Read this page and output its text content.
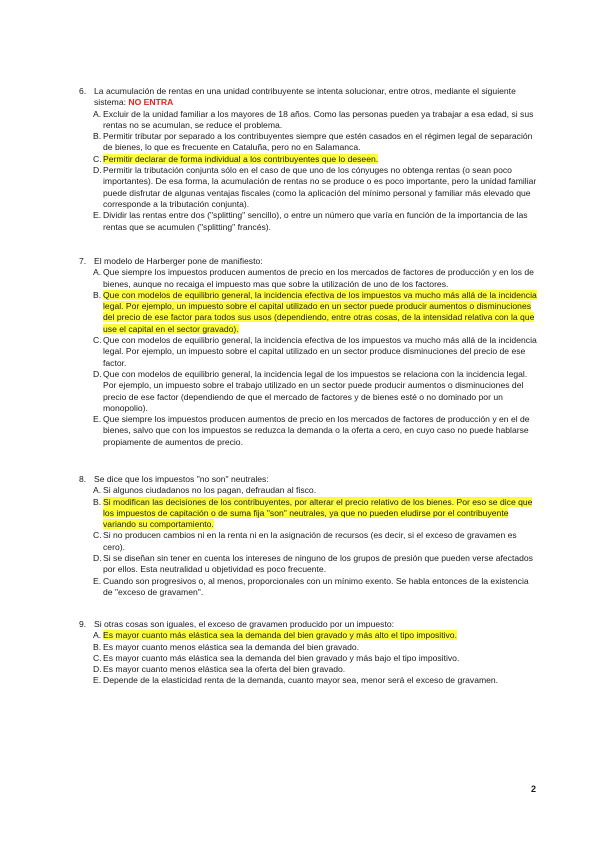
6. La acumulación de rentas en una unidad contribuyente se intenta solucionar, entre otros, mediante el siguiente sistema: NO ENTRA
A. Excluir de la unidad familiar a los mayores de 18 años. Como las personas pueden ya trabajar a esa edad, si sus rentas no se acumulan, se reduce el problema.
B. Permitir tributar por separado a los contribuyentes siempre que estén casados en el régimen legal de separación de bienes, lo que es frecuente en Cataluña, pero no en Salamanca.
C. Permitir declarar de forma individual a los contribuyentes que lo deseen.
D. Permitir la tributación conjunta sólo en el caso de que uno de los cónyuges no obtenga rentas (o sean poco importantes). De esa forma, la acumulación de rentas no se produce o es poco importante, pero la unidad familiar puede disfrutar de algunas ventajas fiscales (como la aplicación del mínimo personal y familiar más elevado que corresponde a la tributación conjunta).
E. Dividir las rentas entre dos ("splitting" sencillo), o entre un número que varía en función de la importancia de las rentas que se acumulen ("splitting" francés).
7. El modelo de Harberger pone de manifiesto:
A. Que siempre los impuestos producen aumentos de precio en los mercados de factores de producción y en los de bienes, aunque no recaiga el impuesto mas que sobre la utilización de uno de los factores.
B. Que con modelos de equilibrio general, la incidencia efectiva de los impuestos va mucho más allá de la incidencia legal. Por ejemplo, un impuesto sobre el capital utilizado en un sector puede producir aumentos o disminuciones del precio de ese factor para todos sus usos (dependiendo, entre otras cosas, de la intensidad relativa con la que use el capital en el sector gravado).
C. Que con modelos de equilibrio general, la incidencia efectiva de los impuestos va mucho más allá de la incidencia legal. Por ejemplo, un impuesto sobre el capital utilizado en un sector produce disminuciones del precio de ese factor.
D. Que con modelos de equilibrio general, la incidencia legal de los impuestos se relaciona con la incidencia legal. Por ejemplo, un impuesto sobre el trabajo utilizado en un sector puede producir aumentos o disminuciones del precio de ese factor (dependiendo de que el mercado de factores y de bienes esté o no dominado por un monopolio).
E. Que siempre los impuestos producen aumentos de precio en los mercados de factores de producción y en el de bienes, salvo que con los impuestos se reduzca la demanda o la oferta a cero, en cuyo caso no puede hablarse propiamente de aumentos de precio.
8. Se dice que los impuestos "no son" neutrales:
A. Si algunos ciudadanos no los pagan, defraudan al fisco.
B. Si modifican las decisiones de los contribuyentes, por alterar el precio relativo de los bienes. Por eso se dice que los impuestos de capitación o de suma fija "son" neutrales, ya que no pueden eludirse por el contribuyente variando su comportamiento.
C. Si no producen cambios ni en la renta ni en la asignación de recursos (es decir, si el exceso de gravamen es cero).
D. Si se diseñan sin tener en cuenta los intereses de ninguno de los grupos de presión que pueden verse afectados por ellos. Esta neutralidad u objetividad es poco frecuente.
E. Cuando son progresivos o, al menos, proporcionales con un mínimo exento. Se habla entonces de la existencia de "exceso de gravamen".
9. Si otras cosas son iguales, el exceso de gravamen producido por un impuesto:
A. Es mayor cuanto más elástica sea la demanda del bien gravado y más alto el tipo impositivo.
B. Es mayor cuanto menos elástica sea la demanda del bien gravado.
C. Es mayor cuanto más elástica sea la demanda del bien gravado y más bajo el tipo impositivo.
D. Es mayor cuanto menos elástica sea la oferta del bien gravado.
E. Depende de la elasticidad renta de la demanda, cuanto mayor sea, menor será el exceso de gravamen.
2
